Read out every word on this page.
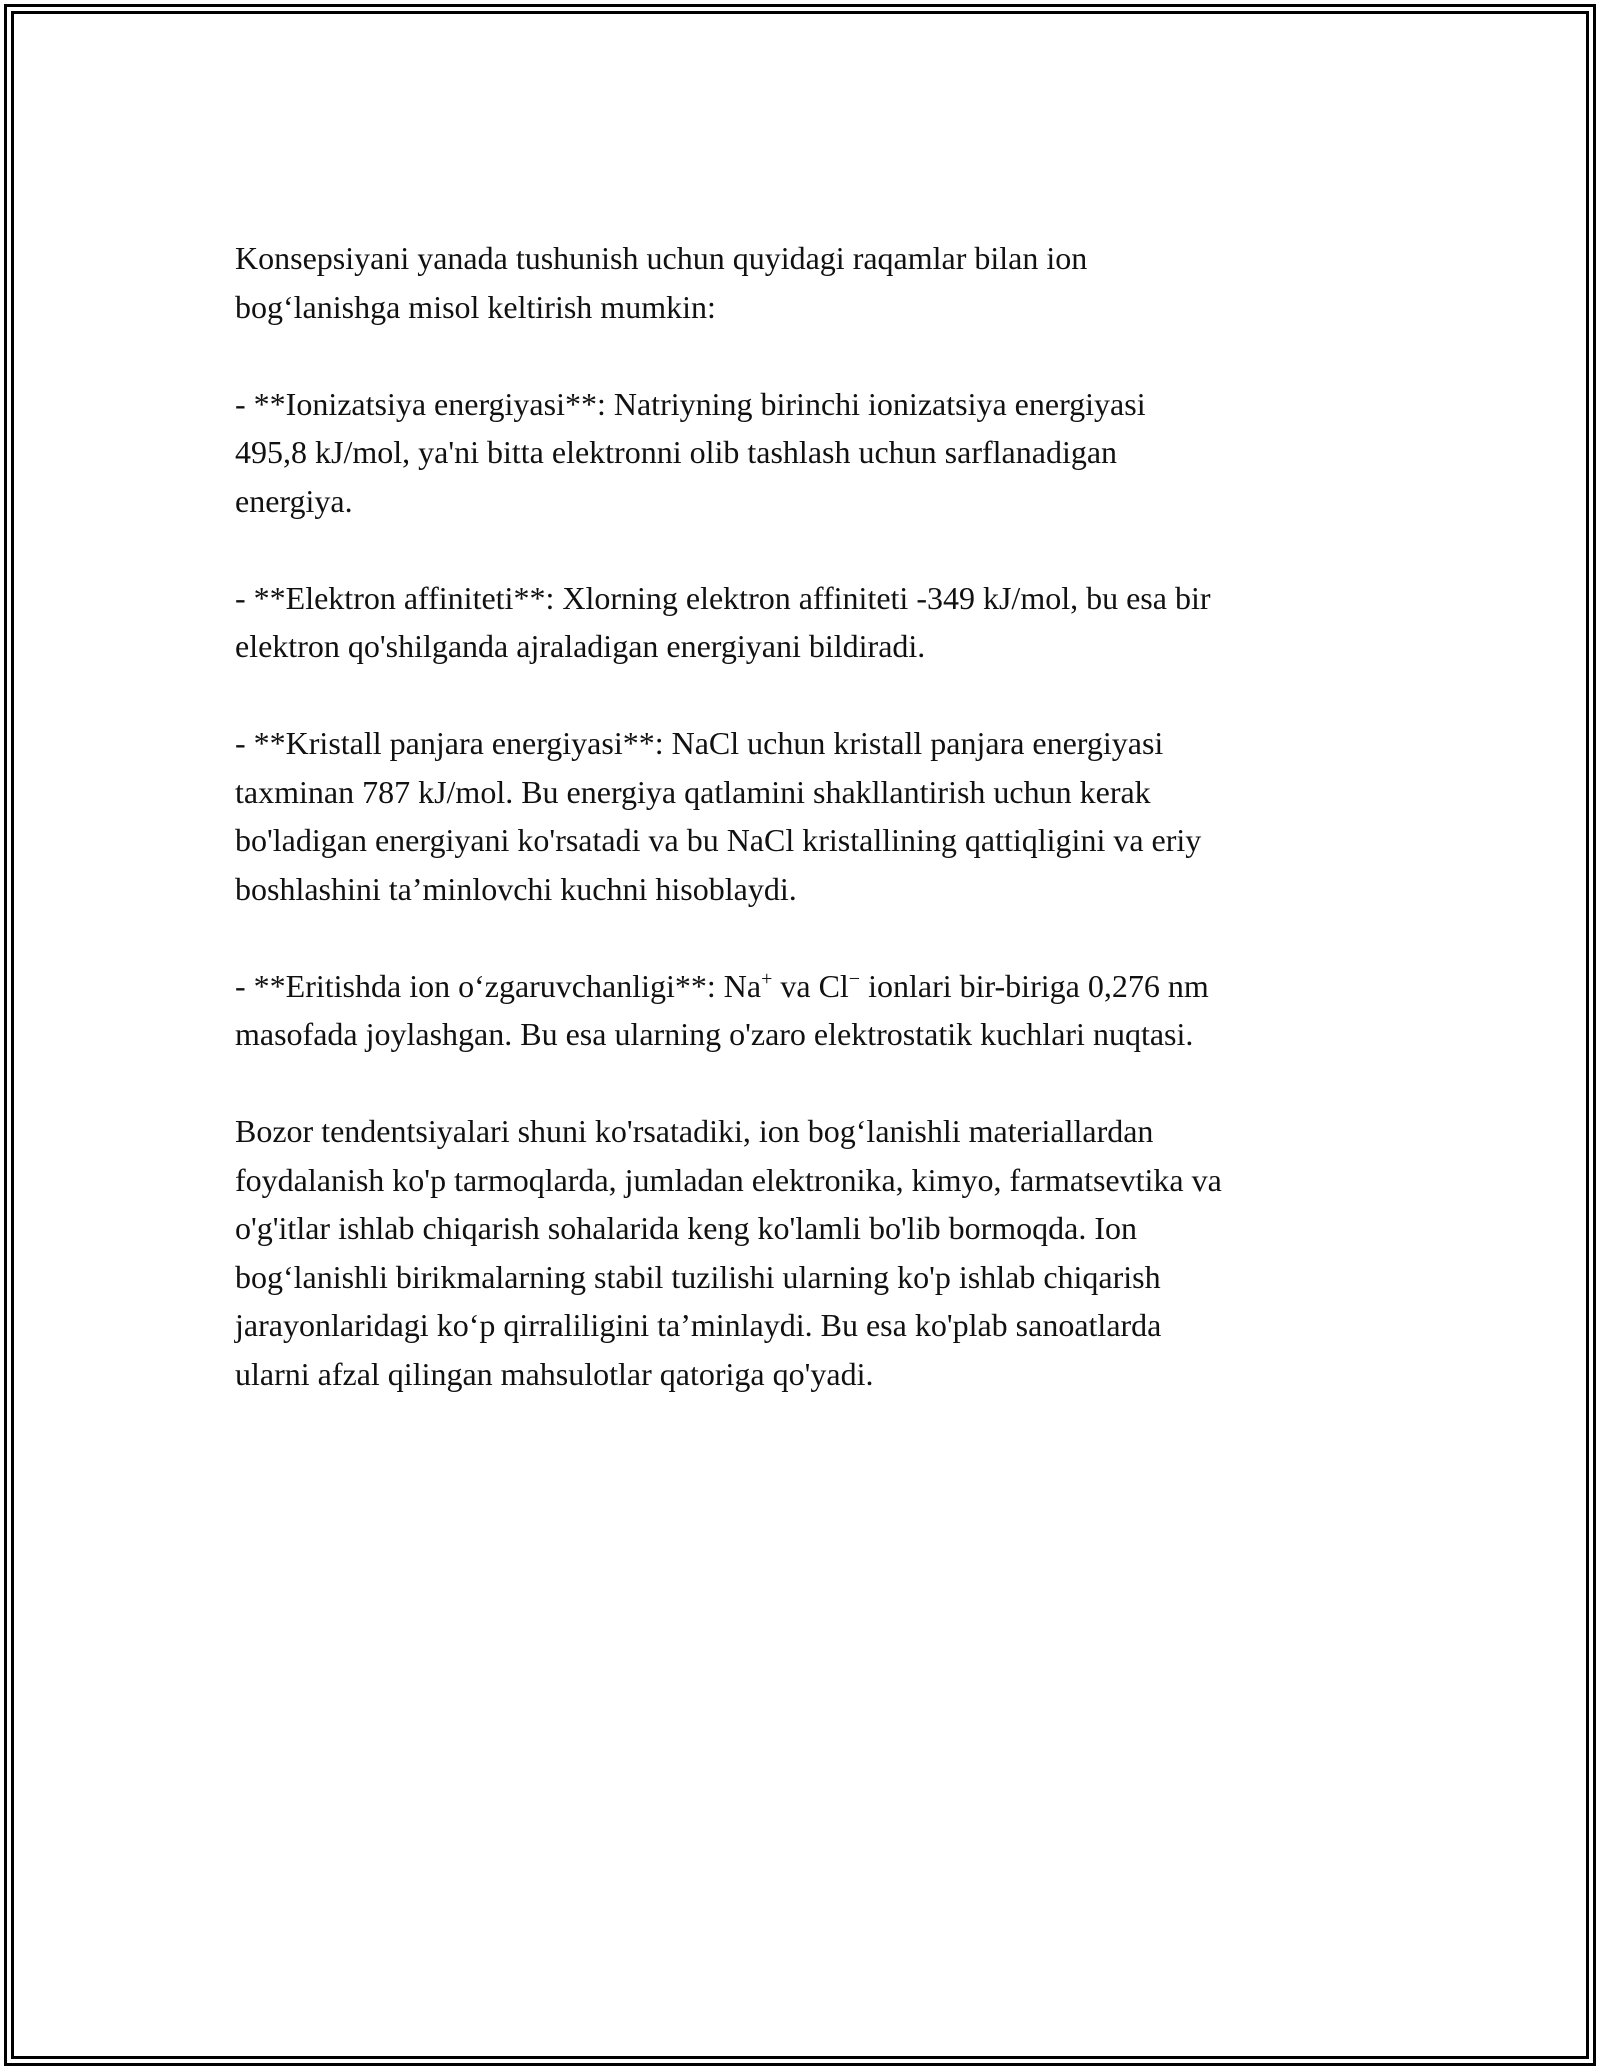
Konsepsiyani yanada tushunish uchun quyidagi raqamlar bilan ion
bog‘lanishga misol keltirish mumkin:

- **Ionizatsiya energiyasi**: Natriyning birinchi ionizatsiya energiyasi
495,8 kJ/mol, ya'ni bitta elektronni olib tashlash uchun sarflanadigan
energiya.

- **Elektron affiniteti**: Xlorning elektron affiniteti -349 kJ/mol, bu esa bir
elektron qo'shilganda ajraladigan energiyani bildiradi.

- **Kristall panjara energiyasi**: NaCl uchun kristall panjara energiyasi
taxminan 787 kJ/mol. Bu energiya qatlamini shakllantirish uchun kerak
bo'ladigan energiyani ko'rsatadi va bu NaCl kristallining qattiqligini va eriy
boshlashini ta’minlovchi kuchni hisoblaydi.

- **Eritishda ion o‘zgaruvchanligi**: Na+ va Cl− ionlari bir-biriga 0,276 nm
masofada joylashgan. Bu esa ularning o'zaro elektrostatik kuchlari nuqtasi.

Bozor tendentsiyalari shuni ko'rsatadiki, ion bog‘lanishli materiallardan
foydalanish ko'p tarmoqlarda, jumladan elektronika, kimyo, farmatsevtika va
o'g'itlar ishlab chiqarish sohalarida keng ko'lamli bo'lib bormoqda. Ion
bog‘lanishli birikmalarning stabil tuzilishi ularning ko'p ishlab chiqarish
jarayonlaridagi ko‘p qirraliligini ta’minlaydi. Bu esa ko'plab sanoatlarda
ularni afzal qilingan mahsulotlar qatoriga qo'yadi.
